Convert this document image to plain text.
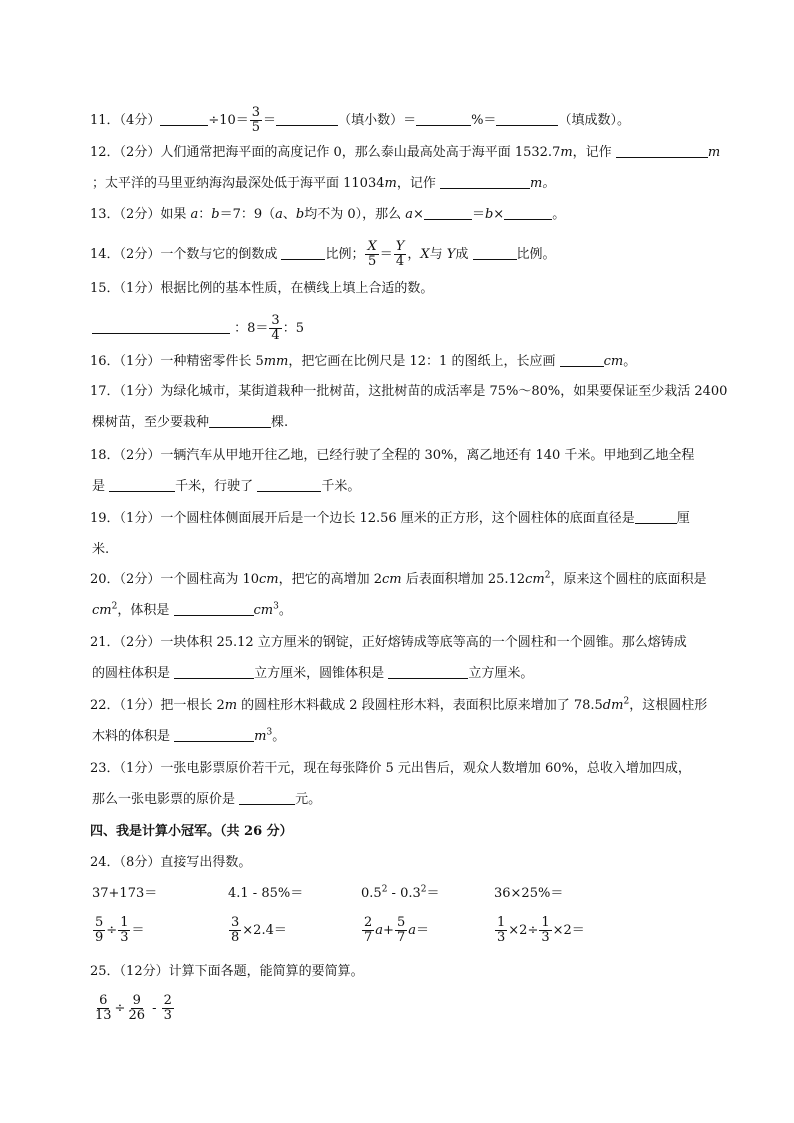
11．（4分）	$\div 10= \frac{3}{5}$ ＝	（填小数）＝	%＝	（填成数）。
12．（2分）人们通常把海平面的高度记作 0，那么泰山最高处高于海平面 1532.7m，记作	m
；太平洋的马里亚纳海沟最深处低于海平面 11034m，记作	m。
13．（2分）如果 a：b＝7：9（a、b均不为 0），那么 a×	＝b×	。
14．（2分）一个数与它的倒数成	比例； $\frac{X}{5} = \frac{Y}{4}$ ，X与 Y成	比例。
15．（1分）根据比例的基本性质，在横线上填上合适的数。
：$8= \frac{3}{4}$ ：5
16．（1分）一种精密零件长 5mm，把它画在比例尺是 12：1 的图纸上，长应画	cm。
17．（1分）为绿化城市，某街道栽种一批树苗，这批树苗的成活率是 75%～80%，如果要保证至少栽活 2400
棵树苗，至少要栽种	棵.
18．（2分）一辆汽车从甲地开往乙地，已经行驶了全程的 30%，离乙地还有 140 千米。甲地到乙地全程
是	千米，行驶了	千米。
19．（1分）一个圆柱体侧面展开后是一个边长 12.56 厘米的正方形，这个圆柱体的底面直径是	厘
米.
20．（2分）一个圆柱高为 10cm，把它的高增加 2cm 后表面积增加 $25.12cm^2$，原来这个圆柱的底面积是
$cm^2$，体积是	$cm^3$。
21．（2分）一块体积 25.12 立方厘米的钢锭，正好熔铸成等底等高的一个圆柱和一个圆锥。那么熔铸成
的圆柱体积是	立方厘米，圆锥体积是	立方厘米。
22．（1分）把一根长 2m 的圆柱形木料截成 2 段圆柱形木料，表面积比原来增加了 $78.5dm^2$，这根圆柱形
木料的体积是	$m^3$。
23．（1分）一张电影票原价若干元，现在每张降价 5 元出售后，观众人数增加 60%，总收入增加四成，
那么一张电影票的原价是	元。
四、我是计算小冠军。（共 26 分）
24．（8分）直接写出得数。
37+173＝	4.1 - 85%＝	$0.5^2 - 0.3^2=$	36×25%＝
$\frac{5}{9} \div \frac{1}{3}$ ＝	$\frac{3}{8} \times 2.4=$	$\frac{2}{7} a+ \frac{5}{7} a=$	$\frac{1}{3} \times 2\div \frac{1}{3} \times 2=$
25．（12分）计算下面各题，能简算的要简算。
$\frac{6}{13} \div \frac{9}{26} - \frac{2}{3}$
